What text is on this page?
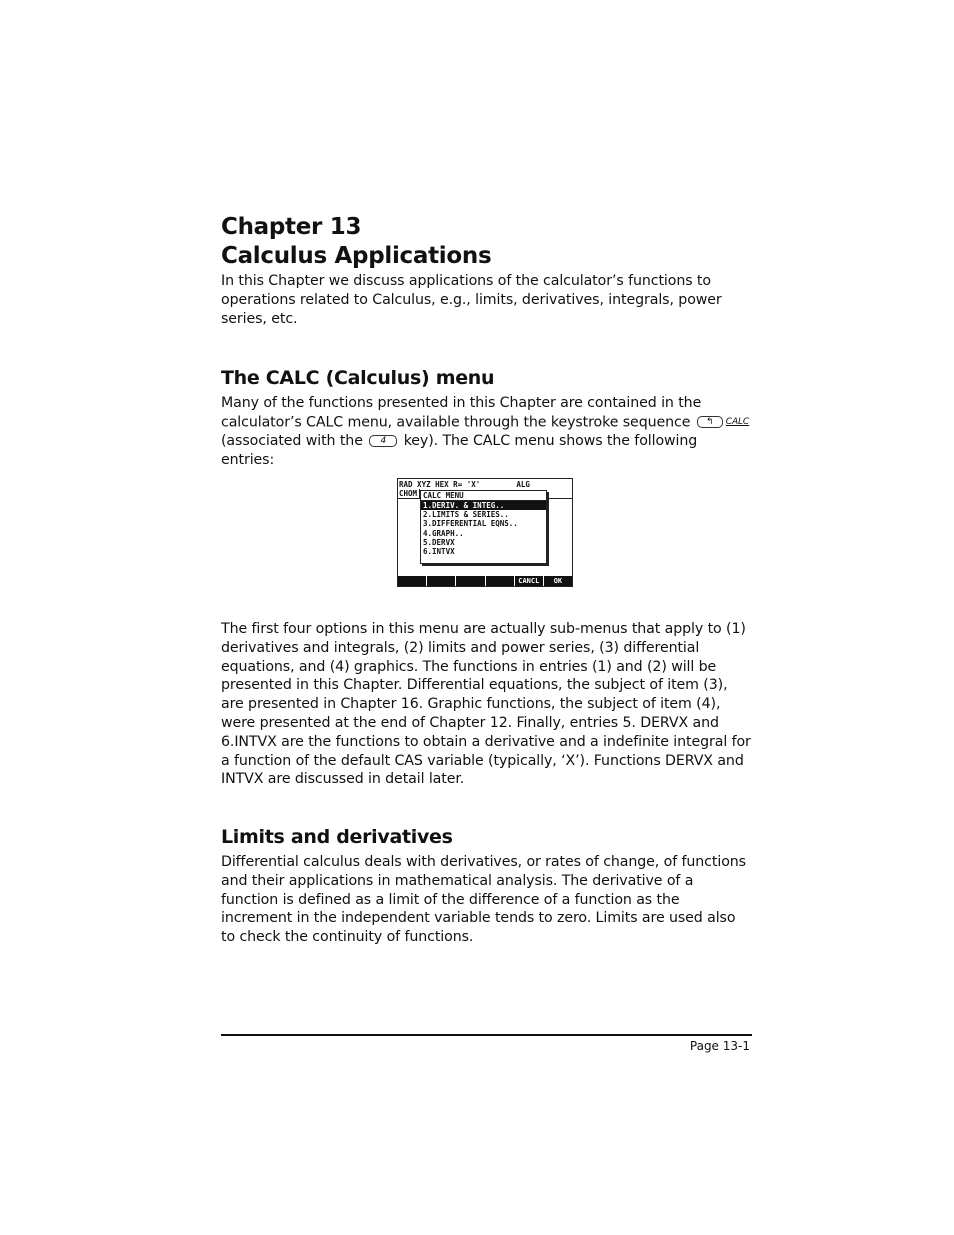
Chapter 13
Calculus Applications

In this Chapter we discuss applications of the calculator’s functions to operations related to Calculus, e.g., limits, derivatives, integrals, power series, etc.

The CALC (Calculus) menu

Many of the functions presented in this Chapter are contained in the calculator’s CALC menu, available through the keystroke sequence ↰ CALC (associated with the 4 key). The CALC menu shows the following entries:

The first four options in this menu are actually sub-menus that apply to (1) derivatives and integrals, (2) limits and power series, (3) differential equations, and (4) graphics. The functions in entries (1) and (2) will be presented in this Chapter. Differential equations, the subject of item (3), are presented in Chapter 16. Graphic functions, the subject of item (4), were presented at the end of Chapter 12. Finally, entries 5. DERVX and 6.INTVX are the functions to obtain a derivative and a indefinite integral for a function of the default CAS variable (typically, ‘X’). Functions DERVX and INTVX are discussed in detail later.

Limits and derivatives

Differential calculus deals with derivatives, or rates of change, of functions and their applications in mathematical analysis. The derivative of a function is defined as a limit of the difference of a function as the increment in the independent variable tends to zero. Limits are used also to check the continuity of functions.

RAD XYZ HEX R= 'X'        ALG
CHOM CALC MENU
1.DERIV. & INTEG..
2.LIMITS & SERIES..
3.DIFFERENTIAL EQNS..
4.GRAPH..
5.DERVX
6.INTVX
CANCL	OK
Page 13-1
